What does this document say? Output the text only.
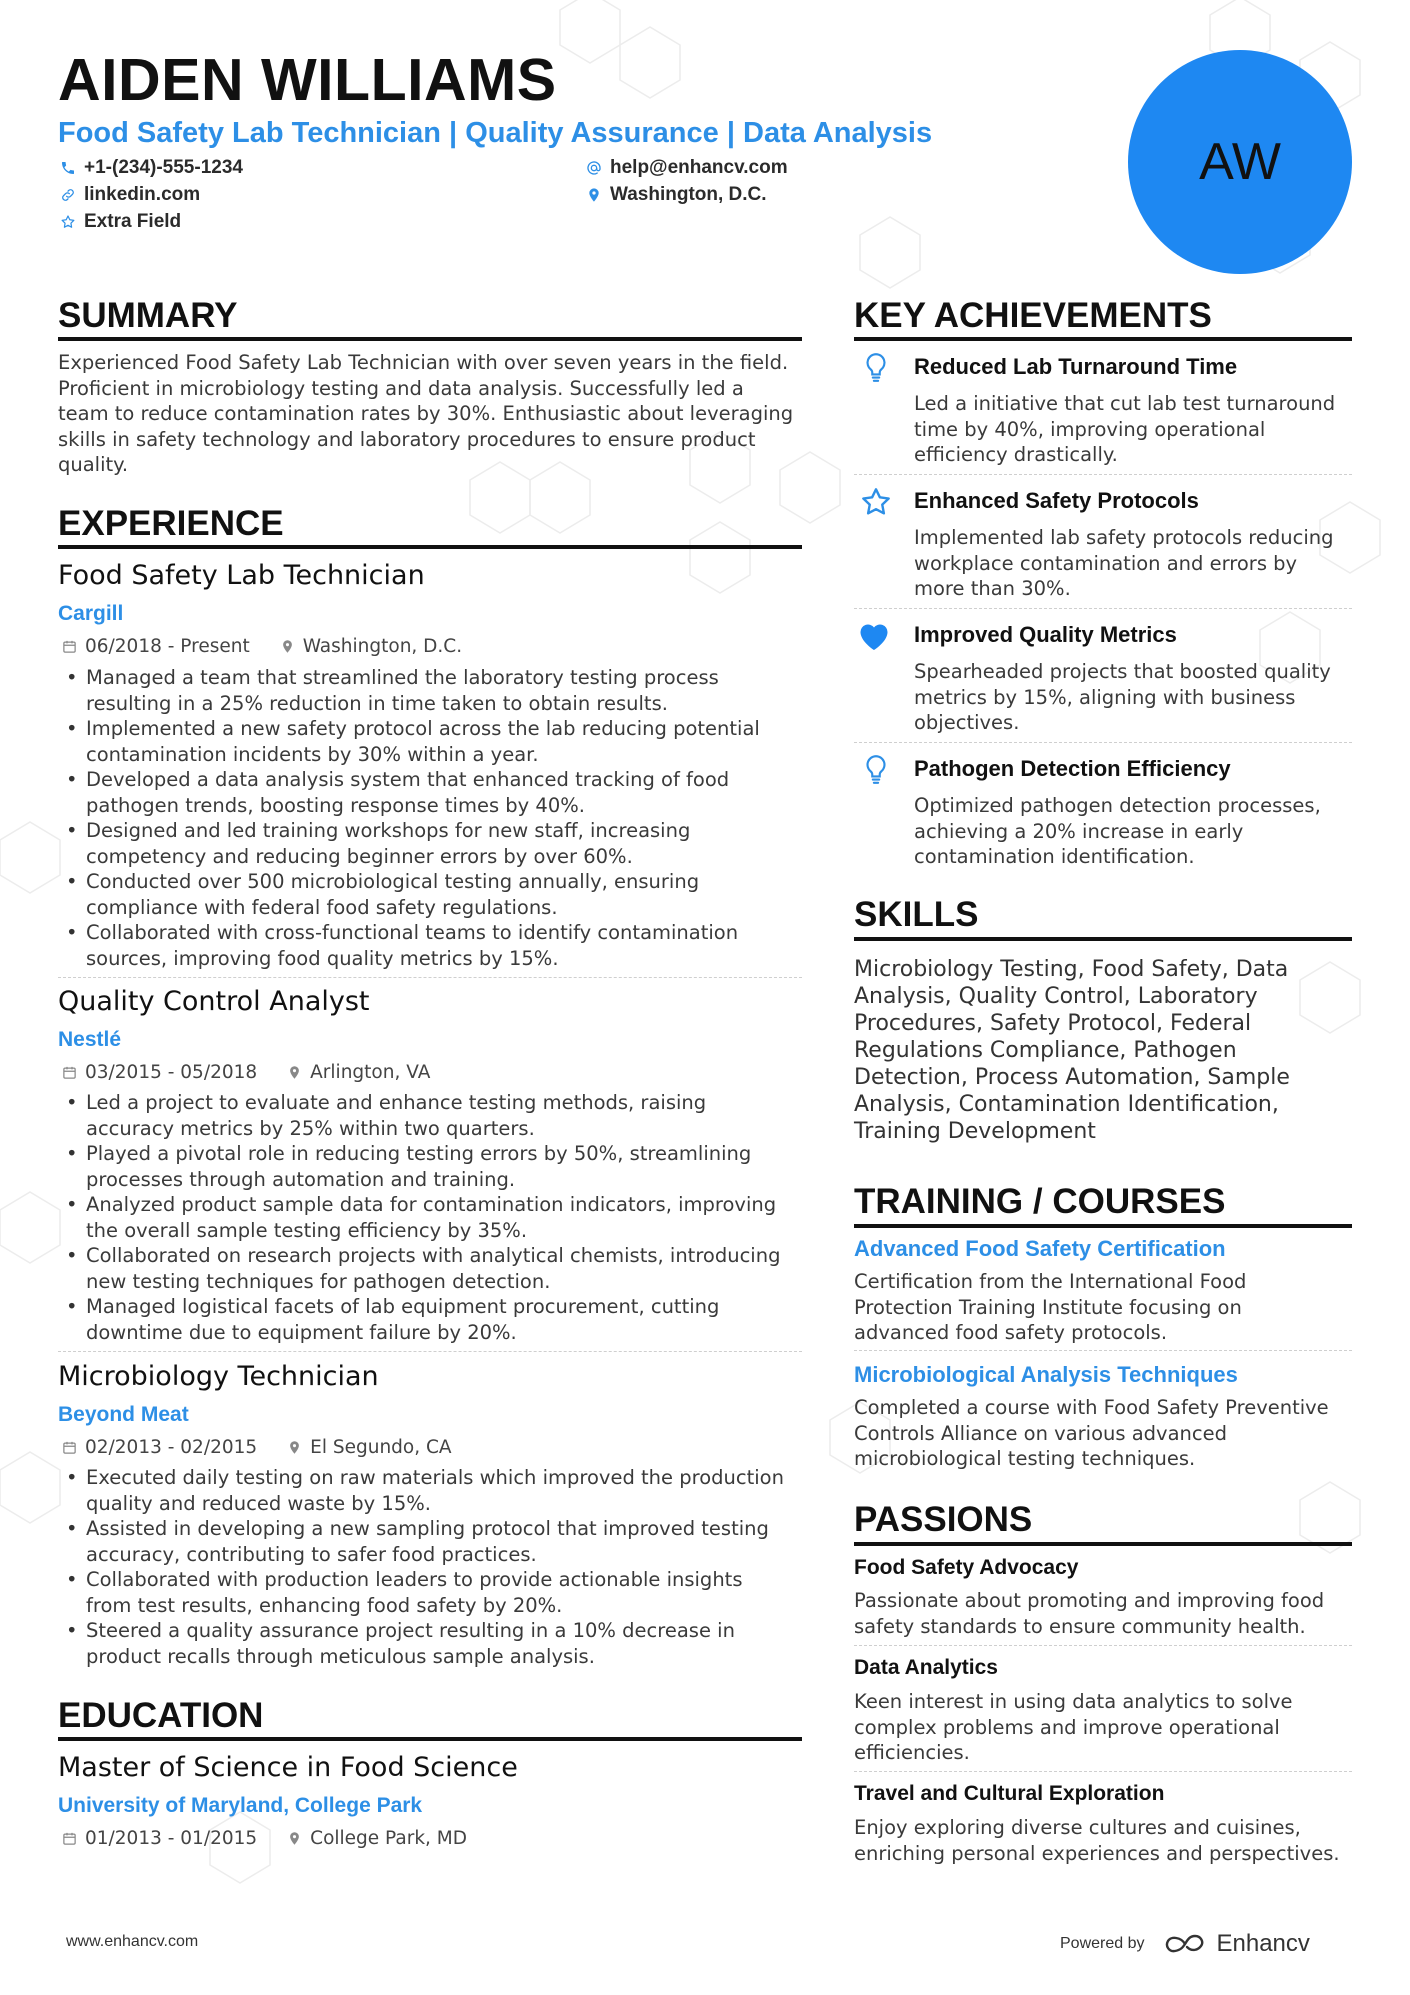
AIDEN WILLIAMS
Food Safety Lab Technician | Quality Assurance | Data Analysis
+1-(234)-555-1234	help@enhancv.com
linkedin.com	Washington, D.C.
Extra Field
AW
SUMMARY
Experienced Food Safety Lab Technician with over seven years in the field.
Proficient in microbiology testing and data analysis. Successfully led a
team to reduce contamination rates by 30%. Enthusiastic about leveraging
skills in safety technology and laboratory procedures to ensure product
quality.
EXPERIENCE
Food Safety Lab Technician
Cargill
06/2018 - Present	Washington, D.C.
• Managed a team that streamlined the laboratory testing process
resulting in a 25% reduction in time taken to obtain results.
• Implemented a new safety protocol across the lab reducing potential
contamination incidents by 30% within a year.
• Developed a data analysis system that enhanced tracking of food
pathogen trends, boosting response times by 40%.
• Designed and led training workshops for new staff, increasing
competency and reducing beginner errors by over 60%.
• Conducted over 500 microbiological testing annually, ensuring
compliance with federal food safety regulations.
• Collaborated with cross-functional teams to identify contamination
sources, improving food quality metrics by 15%.
Quality Control Analyst
Nestlé
03/2015 - 05/2018	Arlington, VA
• Led a project to evaluate and enhance testing methods, raising
accuracy metrics by 25% within two quarters.
• Played a pivotal role in reducing testing errors by 50%, streamlining
processes through automation and training.
• Analyzed product sample data for contamination indicators, improving
the overall sample testing efficiency by 35%.
• Collaborated on research projects with analytical chemists, introducing
new testing techniques for pathogen detection.
• Managed logistical facets of lab equipment procurement, cutting
downtime due to equipment failure by 20%.
Microbiology Technician
Beyond Meat
02/2013 - 02/2015	El Segundo, CA
• Executed daily testing on raw materials which improved the production
quality and reduced waste by 15%.
• Assisted in developing a new sampling protocol that improved testing
accuracy, contributing to safer food practices.
• Collaborated with production leaders to provide actionable insights
from test results, enhancing food safety by 20%.
• Steered a quality assurance project resulting in a 10% decrease in
product recalls through meticulous sample analysis.
EDUCATION
Master of Science in Food Science
University of Maryland, College Park
01/2013 - 01/2015	College Park, MD
KEY ACHIEVEMENTS
Reduced Lab Turnaround Time
Led a initiative that cut lab test turnaround
time by 40%, improving operational
efficiency drastically.
Enhanced Safety Protocols
Implemented lab safety protocols reducing
workplace contamination and errors by
more than 30%.
Improved Quality Metrics
Spearheaded projects that boosted quality
metrics by 15%, aligning with business
objectives.
Pathogen Detection Efficiency
Optimized pathogen detection processes,
achieving a 20% increase in early
contamination identification.
SKILLS
Microbiology Testing, Food Safety, Data
Analysis, Quality Control, Laboratory
Procedures, Safety Protocol, Federal
Regulations Compliance, Pathogen
Detection, Process Automation, Sample
Analysis, Contamination Identification,
Training Development
TRAINING / COURSES
Advanced Food Safety Certification
Certification from the International Food
Protection Training Institute focusing on
advanced food safety protocols.
Microbiological Analysis Techniques
Completed a course with Food Safety Preventive
Controls Alliance on various advanced
microbiological testing techniques.
PASSIONS
Food Safety Advocacy
Passionate about promoting and improving food
safety standards to ensure community health.
Data Analytics
Keen interest in using data analytics to solve
complex problems and improve operational
efficiencies.
Travel and Cultural Exploration
Enjoy exploring diverse cultures and cuisines,
enriching personal experiences and perspectives.
www.enhancv.com	Powered by	Enhancv
